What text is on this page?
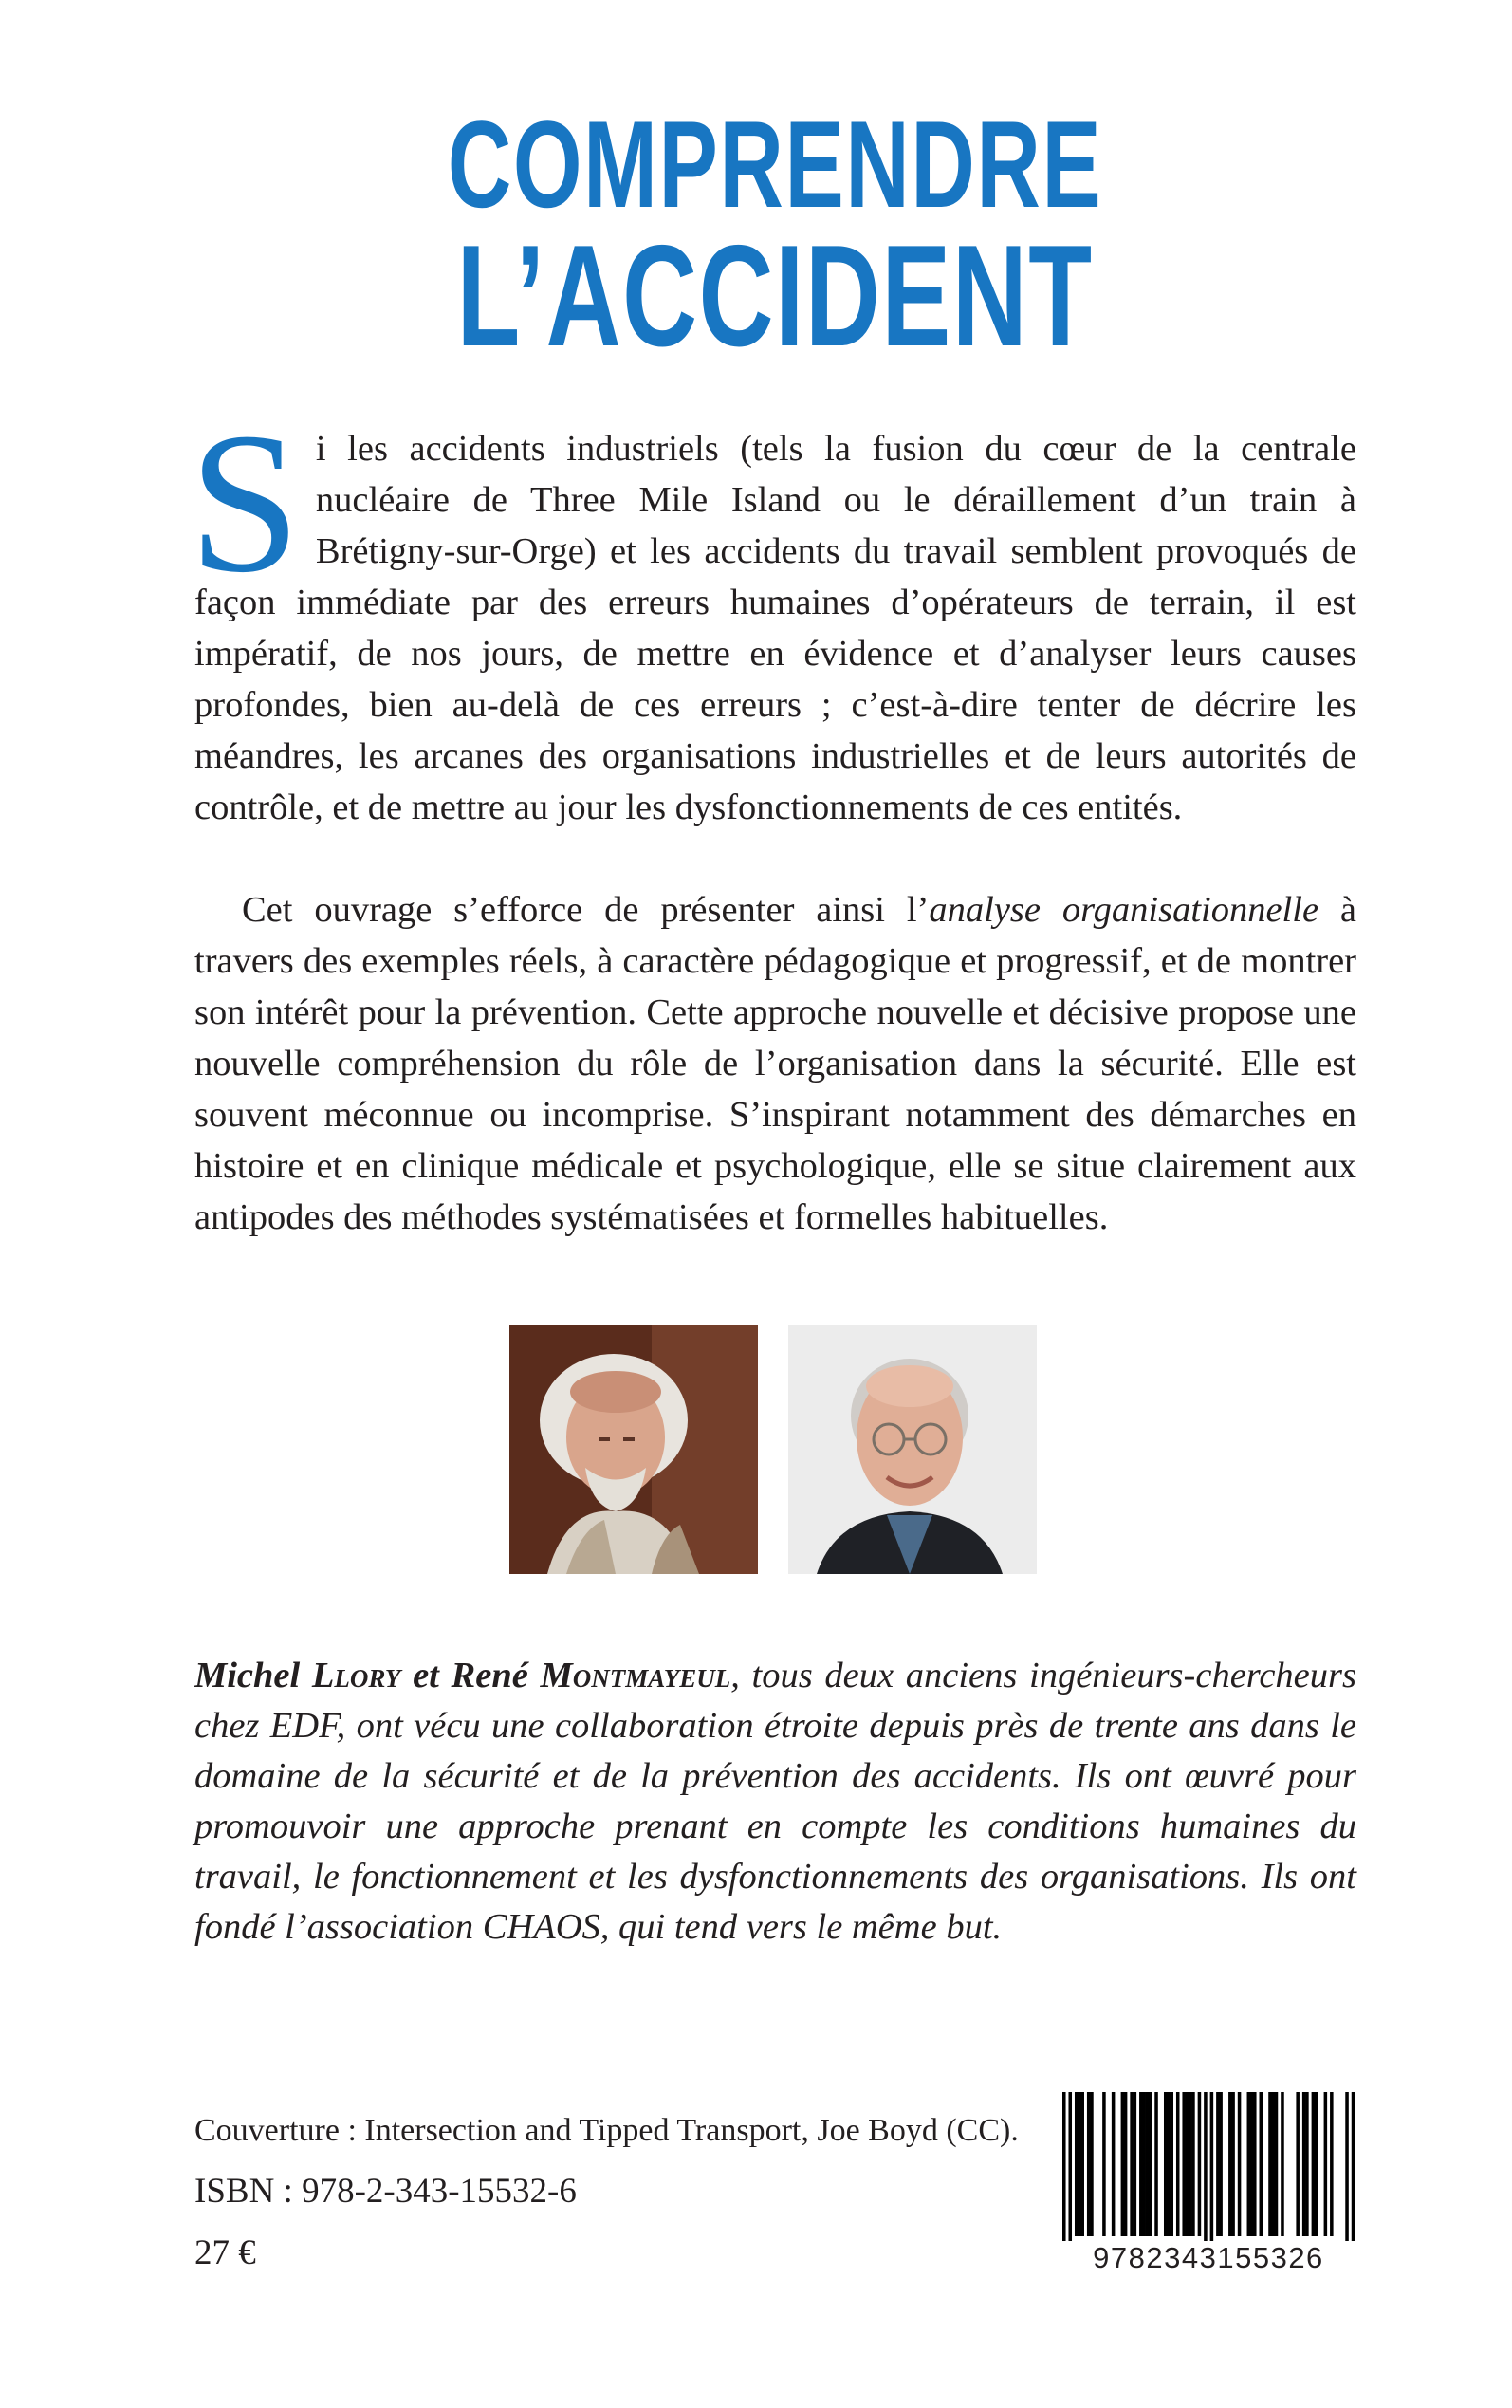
COMPRENDRE
L’ACCIDENT
Si les accidents industriels (tels la fusion du cœur de la centrale nucléaire de Three Mile Island ou le déraillement d’un train à Brétigny-sur-Orge) et les accidents du travail semblent provoqués de façon immédiate par des erreurs humaines d’opérateurs de terrain, il est impératif, de nos jours, de mettre en évidence et d’analyser leurs causes profondes, bien au-delà de ces erreurs ; c’est-à-dire tenter de décrire les méandres, les arcanes des organisations industrielles et de leurs autorités de contrôle, et de mettre au jour les dysfonctionnements de ces entités.
Cet ouvrage s’efforce de présenter ainsi l’analyse organisationnelle à travers des exemples réels, à caractère pédagogique et progressif, et de montrer son intérêt pour la prévention. Cette approche nouvelle et décisive propose une nouvelle compréhension du rôle de l’organisation dans la sécurité. Elle est souvent méconnue ou incomprise. S’inspirant notamment des démarches en histoire et en clinique médicale et psychologique, elle se situe clairement aux antipodes des méthodes systématisées et formelles habituelles.
Michel Llory et René Montmayeul, tous deux anciens ingénieurs-chercheurs chez EDF, ont vécu une collaboration étroite depuis près de trente ans dans le domaine de la sécurité et de la prévention des accidents. Ils ont œuvré pour promouvoir une approche prenant en compte les conditions humaines du travail, le fonctionnement et les dysfonctionnements des organisations. Ils ont fondé l’association CHAOS, qui tend vers le même but.
Couverture : Intersection and Tipped Transport, Joe Boyd (CC).
ISBN : 978-2-343-15532-6
27 €	9782343155326
